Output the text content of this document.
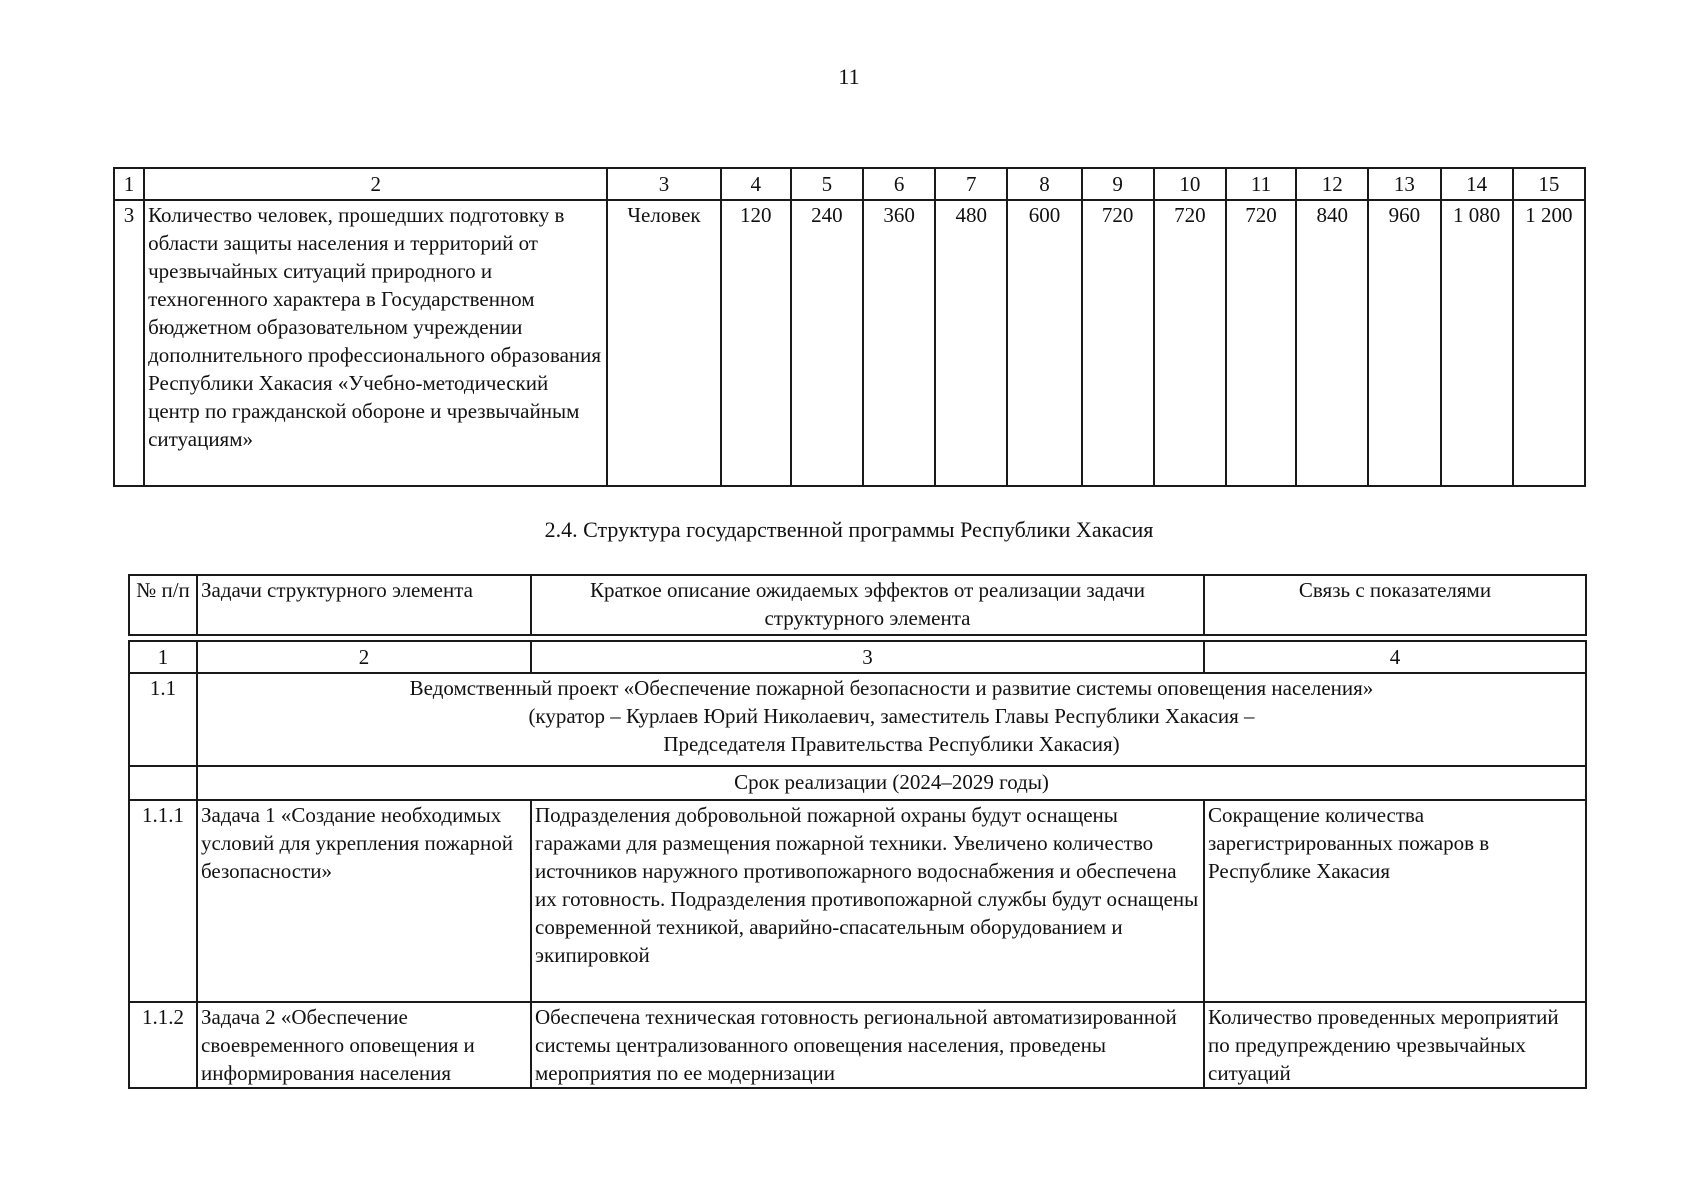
11
1	2	3	4	5	6	7	8	9	10	11	12	13	14	15
3	Количество человек, прошедших подготовку в области защиты населения и территорий от чрезвычайных ситуаций природного и техногенного характера в Государственном бюджетном образовательном учреждении дополнительного профессионального образования Республики Хакасия «Учебно-методический центр по гражданской обороне и чрезвычайным ситуациям»	Человек	120	240	360	480	600	720	720	720	840	960	1 080	1 200
2.4. Структура государственной программы Республики Хакасия
№ п/п	Задачи структурного элемента	Краткое описание ожидаемых эффектов от реализации задачи структурного элемента	Связь с показателями

1	2	3	4
1.1	Ведомственный проект «Обеспечение пожарной безопасности и развитие системы оповещения населения»
(куратор – Курлаев Юрий Николаевич, заместитель Главы Республики Хакасия –
Председателя Правительства Республики Хакасия)		

	Срок реализации (2024–2029 годы)		
1.1.1	Задача 1 «Создание необходимых условий для укрепления пожарной безопасности»	Подразделения добровольной пожарной охраны будут оснащены гаражами для размещения пожарной техники. Увеличено количество источников наружного противопожарного водоснабжения и обеспечена их готовность. Подразделения противопожарной службы будут оснащены современной техникой, аварийно-спасательным оборудованием и экипировкой	Сокращение количества зарегистрированных пожаров в Республике Хакасия
1.1.2	Задача 2 «Обеспечение своевременного оповещения и информирования населения	Обеспечена техническая готовность региональной автоматизированной системы централизованного оповещения населения, проведены мероприятия по ее модернизации	Количество проведенных мероприятий по предупреждению чрезвычайных ситуаций
